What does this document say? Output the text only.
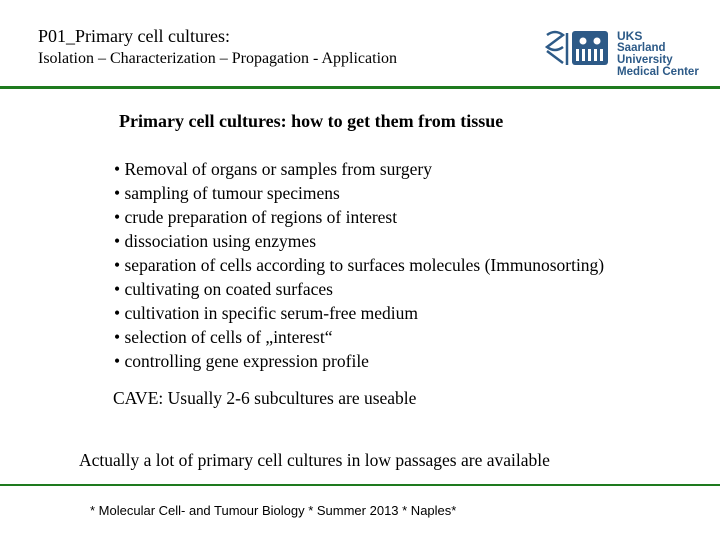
P01_Primary cell cultures:
Isolation – Characterization – Propagation - Application
UKS
Saarland University
Medical Center
Primary cell cultures: how to get them from tissue
• Removal of organs or samples from surgery
• sampling of tumour specimens
• crude preparation of regions of interest
• dissociation using enzymes
• separation of cells according to surfaces molecules (Immunosorting)
• cultivating on coated surfaces
• cultivation in specific serum-free medium
• selection of cells of „interest“
• controlling gene expression profile
CAVE: Usually 2-6 subcultures are useable
Actually a lot of primary cell cultures in low passages are available
* Molecular Cell- and Tumour Biology * Summer 2013 * Naples*
